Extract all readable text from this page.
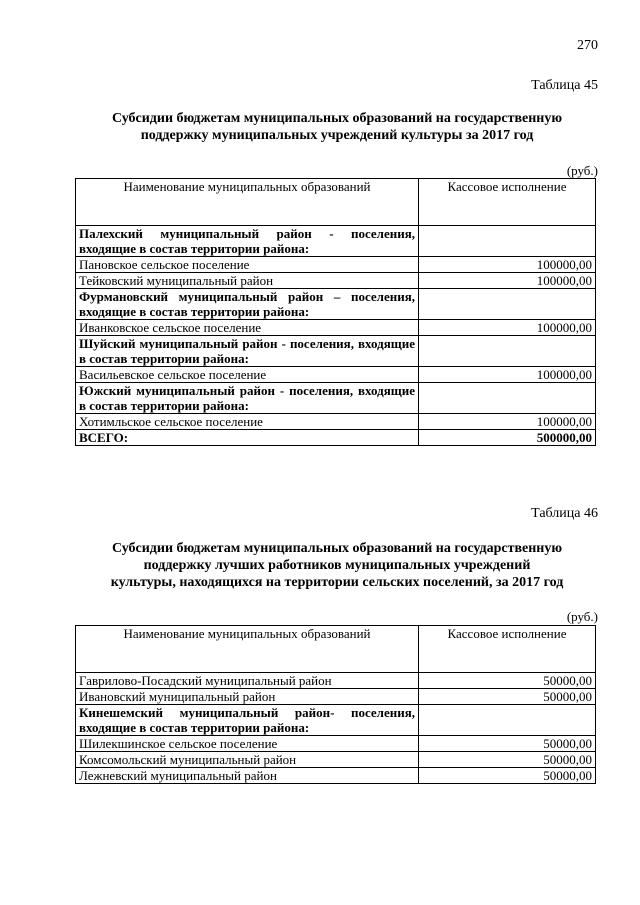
270
Таблица 45
Субсидии бюджетам муниципальных образований на государственную
поддержку муниципальных учреждений культуры за 2017 год
(руб.)
Наименование муниципальных образований	Кассовое исполнение
Палехский муниципальный район - поселения, входящие в состав территории района:	
Пановское сельское поселение	100000,00
Тейковский муниципальный район	100000,00
Фурмановский муниципальный район – поселения, входящие в состав территории района:	
Иванковское сельское поселение	100000,00
Шуйский муниципальный район - поселения, входящие в состав территории района:	
Васильевское сельское поселение	100000,00
Южский муниципальный район - поселения, входящие в состав территории района:	
Хотимльское сельское поселение	100000,00
ВСЕГО:	500000,00
Таблица 46
Субсидии бюджетам муниципальных образований на государственную
поддержку лучших работников муниципальных учреждений
культуры, находящихся на территории сельских поселений, за 2017 год
(руб.)
Наименование муниципальных образований	Кассовое исполнение
Гаврилово-Посадский муниципальный район	50000,00
Ивановский муниципальный район	50000,00
Кинешемский муниципальный район- поселения, входящие в состав территории района:	
Шилекшинское сельское поселение	50000,00
Комсомольский муниципальный район	50000,00
Лежневский муниципальный район	50000,00
